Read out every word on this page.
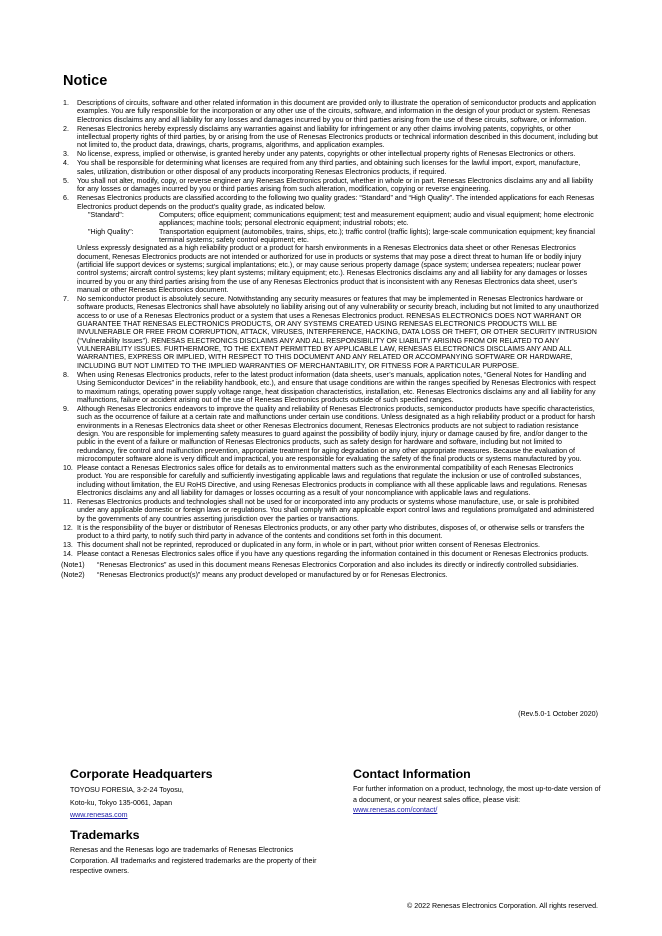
Notice
1. Descriptions of circuits, software and other related information in this document are provided only to illustrate the operation of semiconductor products and application examples. You are fully responsible for the incorporation or any other use of the circuits, software, and information in the design of your product or system. Renesas Electronics disclaims any and all liability for any losses and damages incurred by you or third parties arising from the use of these circuits, software, or information.

2. Renesas Electronics hereby expressly disclaims any warranties against and liability for infringement or any other claims involving patents, copyrights, or other intellectual property rights of third parties, by or arising from the use of Renesas Electronics products or technical information described in this document, including but not limited to, the product data, drawings, charts, programs, algorithms, and application examples.

3. No license, express, implied or otherwise, is granted hereby under any patents, copyrights or other intellectual property rights of Renesas Electronics or others.

4. You shall be responsible for determining what licenses are required from any third parties, and obtaining such licenses for the lawful import, export, manufacture, sales, utilization, distribution or other disposal of any products incorporating Renesas Electronics products, if required.

5. You shall not alter, modify, copy, or reverse engineer any Renesas Electronics product, whether in whole or in part. Renesas Electronics disclaims any and all liability for any losses or damages incurred by you or third parties arising from such alteration, modification, copying or reverse engineering.

6. Renesas Electronics products are classified according to the following two quality grades: “Standard” and “High Quality”. The intended applications for each Renesas Electronics product depends on the product’s quality grade, as indicated below.

"Standard":	Computers; office equipment; communications equipment; test and measurement equipment; audio and visual equipment; home electronic appliances; machine tools; personal electronic equipment; industrial robots; etc.
"High Quality":	Transportation equipment (automobiles, trains, ships, etc.); traffic control (traffic lights); large-scale communication equipment; key financial terminal systems; safety control equipment; etc.

Unless expressly designated as a high reliability product or a product for harsh environments in a Renesas Electronics data sheet or other Renesas Electronics document, Renesas Electronics products are not intended or authorized for use in products or systems that may pose a direct threat to human life or bodily injury (artificial life support devices or systems; surgical implantations; etc.), or may cause serious property damage (space system; undersea repeaters; nuclear power control systems; aircraft control systems; key plant systems; military equipment; etc.). Renesas Electronics disclaims any and all liability for any damages or losses incurred by you or any third parties arising from the use of any Renesas Electronics product that is inconsistent with any Renesas Electronics data sheet, user’s manual or other Renesas Electronics document.

7. No semiconductor product is absolutely secure. Notwithstanding any security measures or features that may be implemented in Renesas Electronics hardware or software products, Renesas Electronics shall have absolutely no liability arising out of any vulnerability or security breach, including but not limited to any unauthorized access to or use of a Renesas Electronics product or a system that uses a Renesas Electronics product. RENESAS ELECTRONICS DOES NOT WARRANT OR GUARANTEE THAT RENESAS ELECTRONICS PRODUCTS, OR ANY SYSTEMS CREATED USING RENESAS ELECTRONICS PRODUCTS WILL BE INVULNERABLE OR FREE FROM CORRUPTION, ATTACK, VIRUSES, INTERFERENCE, HACKING, DATA LOSS OR THEFT, OR OTHER SECURITY INTRUSION (“Vulnerability Issues”). RENESAS ELECTRONICS DISCLAIMS ANY AND ALL RESPONSIBILITY OR LIABILITY ARISING FROM OR RELATED TO ANY VULNERABILITY ISSUES. FURTHERMORE, TO THE EXTENT PERMITTED BY APPLICABLE LAW, RENESAS ELECTRONICS DISCLAIMS ANY AND ALL WARRANTIES, EXPRESS OR IMPLIED, WITH RESPECT TO THIS DOCUMENT AND ANY RELATED OR ACCOMPANYING SOFTWARE OR HARDWARE, INCLUDING BUT NOT LIMITED TO THE IMPLIED WARRANTIES OF MERCHANTABILITY, OR FITNESS FOR A PARTICULAR PURPOSE.

8. When using Renesas Electronics products, refer to the latest product information (data sheets, user’s manuals, application notes, “General Notes for Handling and Using Semiconductor Devices” in the reliability handbook, etc.), and ensure that usage conditions are within the ranges specified by Renesas Electronics with respect to maximum ratings, operating power supply voltage range, heat dissipation characteristics, installation, etc. Renesas Electronics disclaims any and all liability for any malfunctions, failure or accident arising out of the use of Renesas Electronics products outside of such specified ranges.

9. Although Renesas Electronics endeavors to improve the quality and reliability of Renesas Electronics products, semiconductor products have specific characteristics, such as the occurrence of failure at a certain rate and malfunctions under certain use conditions. Unless designated as a high reliability product or a product for harsh environments in a Renesas Electronics data sheet or other Renesas Electronics document, Renesas Electronics products are not subject to radiation resistance design. You are responsible for implementing safety measures to guard against the possibility of bodily injury, injury or damage caused by fire, and/or danger to the public in the event of a failure or malfunction of Renesas Electronics products, such as safety design for hardware and software, including but not limited to redundancy, fire control and malfunction prevention, appropriate treatment for aging degradation or any other appropriate measures. Because the evaluation of microcomputer software alone is very difficult and impractical, you are responsible for evaluating the safety of the final products or systems manufactured by you.

10. Please contact a Renesas Electronics sales office for details as to environmental matters such as the environmental compatibility of each Renesas Electronics product. You are responsible for carefully and sufficiently investigating applicable laws and regulations that regulate the inclusion or use of controlled substances, including without limitation, the EU RoHS Directive, and using Renesas Electronics products in compliance with all these applicable laws and regulations. Renesas Electronics disclaims any and all liability for damages or losses occurring as a result of your noncompliance with applicable laws and regulations.

11. Renesas Electronics products and technologies shall not be used for or incorporated into any products or systems whose manufacture, use, or sale is prohibited under any applicable domestic or foreign laws or regulations. You shall comply with any applicable export control laws and regulations promulgated and administered by the governments of any countries asserting jurisdiction over the parties or transactions.

12. It is the responsibility of the buyer or distributor of Renesas Electronics products, or any other party who distributes, disposes of, or otherwise sells or transfers the product to a third party, to notify such third party in advance of the contents and conditions set forth in this document.

13. This document shall not be reprinted, reproduced or duplicated in any form, in whole or in part, without prior written consent of Renesas Electronics.

14. Please contact a Renesas Electronics sales office if you have any questions regarding the information contained in this document or Renesas Electronics products.

(Note1) “Renesas Electronics” as used in this document means Renesas Electronics Corporation and also includes its directly or indirectly controlled subsidiaries.
(Note2) “Renesas Electronics product(s)” means any product developed or manufactured by or for Renesas Electronics.
(Rev.5.0-1 October 2020)
Corporate Headquarters
TOYOSU FORESIA, 3-2-24 Toyosu,
Koto-ku, Tokyo 135-0061, Japan
www.renesas.com
Trademarks
Renesas and the Renesas logo are trademarks of Renesas Electronics Corporation. All trademarks and registered trademarks are the property of their respective owners.
Contact Information
For further information on a product, technology, the most up-to-date version of a document, or your nearest sales office, please visit:
www.renesas.com/contact/
© 2022 Renesas Electronics Corporation. All rights reserved.
